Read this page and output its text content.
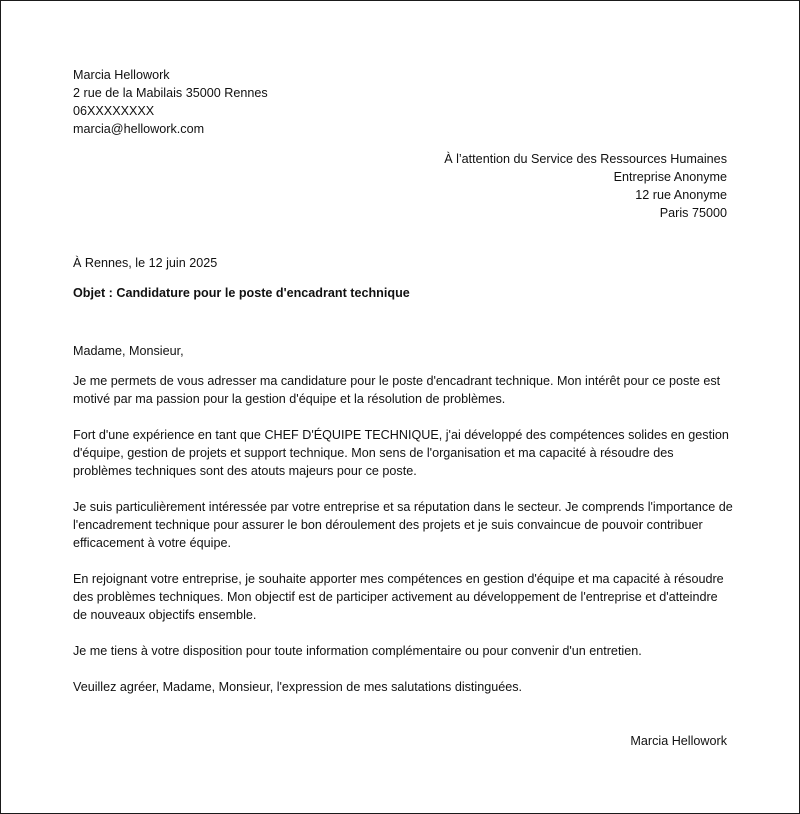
Marcia Hellowork
2 rue de la Mabilais 35000 Rennes
06XXXXXXXX
marcia@hellowork.com
À l’attention du Service des Ressources Humaines
Entreprise Anonyme
12 rue Anonyme
Paris 75000
À Rennes, le 12 juin 2025
Objet : Candidature pour le poste d'encadrant technique
Madame, Monsieur,

Je me permets de vous adresser ma candidature pour le poste d'encadrant technique. Mon intérêt pour ce poste est motivé par ma passion pour la gestion d'équipe et la résolution de problèmes.

Fort d'une expérience en tant que CHEF D'ÉQUIPE TECHNIQUE, j'ai développé des compétences solides en gestion d'équipe, gestion de projets et support technique. Mon sens de l'organisation et ma capacité à résoudre des problèmes techniques sont des atouts majeurs pour ce poste.

Je suis particulièrement intéressée par votre entreprise et sa réputation dans le secteur. Je comprends l'importance de l'encadrement technique pour assurer le bon déroulement des projets et je suis convaincue de pouvoir contribuer efficacement à votre équipe.

En rejoignant votre entreprise, je souhaite apporter mes compétences en gestion d'équipe et ma capacité à résoudre des problèmes techniques. Mon objectif est de participer activement au développement de l'entreprise et d'atteindre de nouveaux objectifs ensemble.

Je me tiens à votre disposition pour toute information complémentaire ou pour convenir d'un entretien.

Veuillez agréer, Madame, Monsieur, l'expression de mes salutations distinguées.

Marcia Hellowork
